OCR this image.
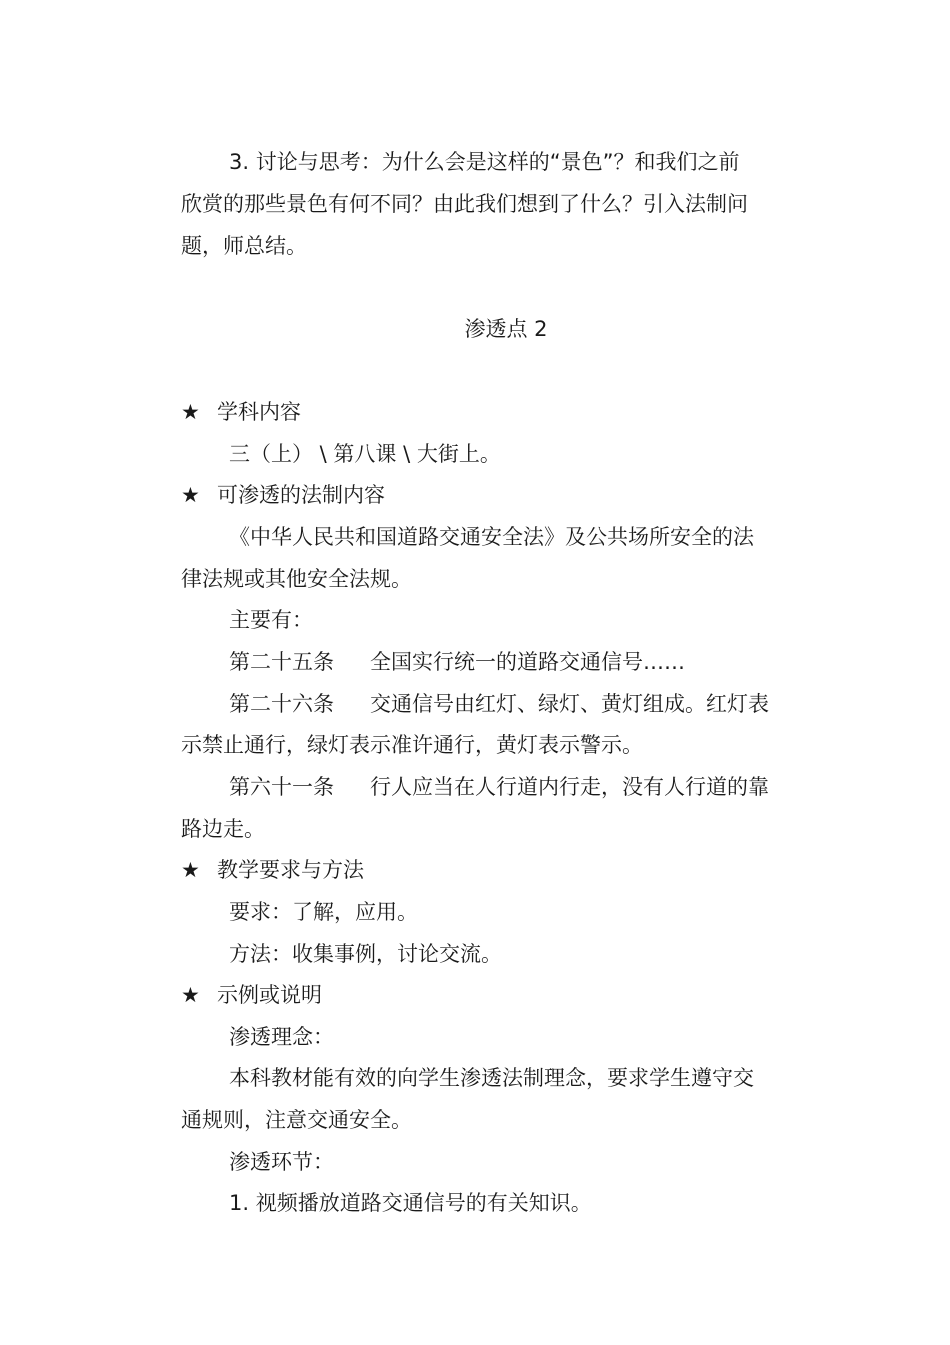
3. 讨论与思考：为什么会是这样的“景色”？和我们之前
欣赏的那些景色有何不同？由此我们想到了什么？引入法制问
题，师总结。
渗透点 2
★ 学科内容
三（上） \ 第八课 \ 大街上。
★ 可渗透的法制内容
《中华人民共和国道路交通安全法》及公共场所安全的法
律法规或其他安全法规。
主要有：
第二十五条 全国实行统一的道路交通信号……
第二十六条 交通信号由红灯、绿灯、黄灯组成。红灯表
示禁止通行，绿灯表示准许通行，黄灯表示警示。
第六十一条 行人应当在人行道内行走，没有人行道的靠
路边走。
★ 教学要求与方法
要求：了解，应用。
方法：收集事例，讨论交流。
★ 示例或说明
渗透理念：
本科教材能有效的向学生渗透法制理念，要求学生遵守交
通规则，注意交通安全。
渗透环节：
1. 视频播放道路交通信号的有关知识。
